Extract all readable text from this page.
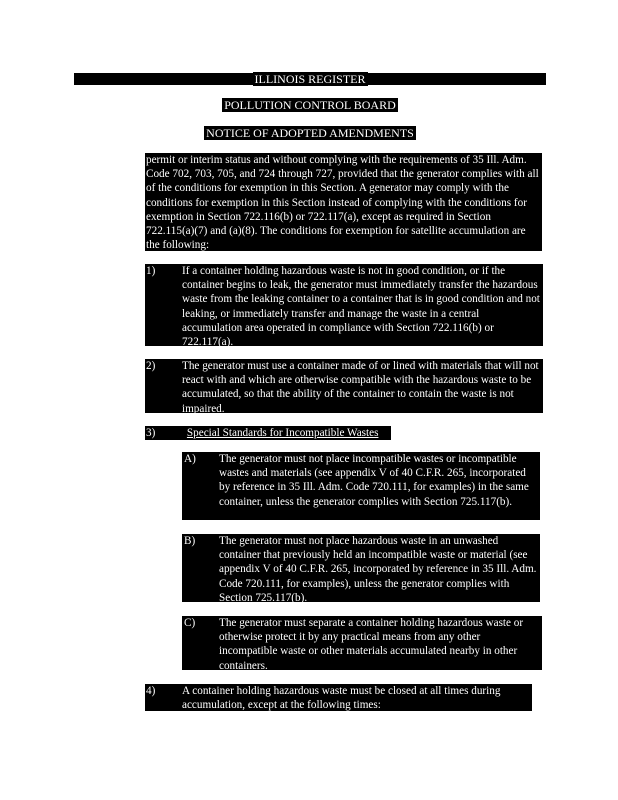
ILLINOIS REGISTER
POLLUTION CONTROL BOARD
NOTICE OF ADOPTED AMENDMENTS
permit or interim status and without complying with the requirements of 35 Ill. Adm. Code 702, 703, 705, and 724 through 727, provided that the generator complies with all of the conditions for exemption in this Section. A generator may comply with the conditions for exemption in this Section instead of complying with the conditions for exemption in Section 722.116(b) or 722.117(a), except as required in Section 722.115(a)(7) and (a)(8). The conditions for exemption for satellite accumulation are the following:
1)	If a container holding hazardous waste is not in good condition, or if the container begins to leak, the generator must immediately transfer the hazardous waste from the leaking container to a container that is in good condition and not leaking, or immediately transfer and manage the waste in a central accumulation area operated in compliance with Section 722.116(b) or 722.117(a).
2)	The generator must use a container made of or lined with materials that will not react with and which are otherwise compatible with the hazardous waste to be accumulated, so that the ability of the container to contain the waste is not impaired.
3)	Special Standards for Incompatible Wastes
A)	The generator must not place incompatible wastes or incompatible wastes and materials (see appendix V of 40 C.F.R. 265, incorporated by reference in 35 Ill. Adm. Code 720.111, for examples) in the same container, unless the generator complies with Section 725.117(b).
B)	The generator must not place hazardous waste in an unwashed container that previously held an incompatible waste or material (see appendix V of 40 C.F.R. 265, incorporated by reference in 35 Ill. Adm. Code 720.111, for examples), unless the generator complies with Section 725.117(b).
C)	The generator must separate a container holding hazardous waste or otherwise protect it by any practical means from any other incompatible waste or other materials accumulated nearby in other containers.
4)	A container holding hazardous waste must be closed at all times during accumulation, except at the following times:
